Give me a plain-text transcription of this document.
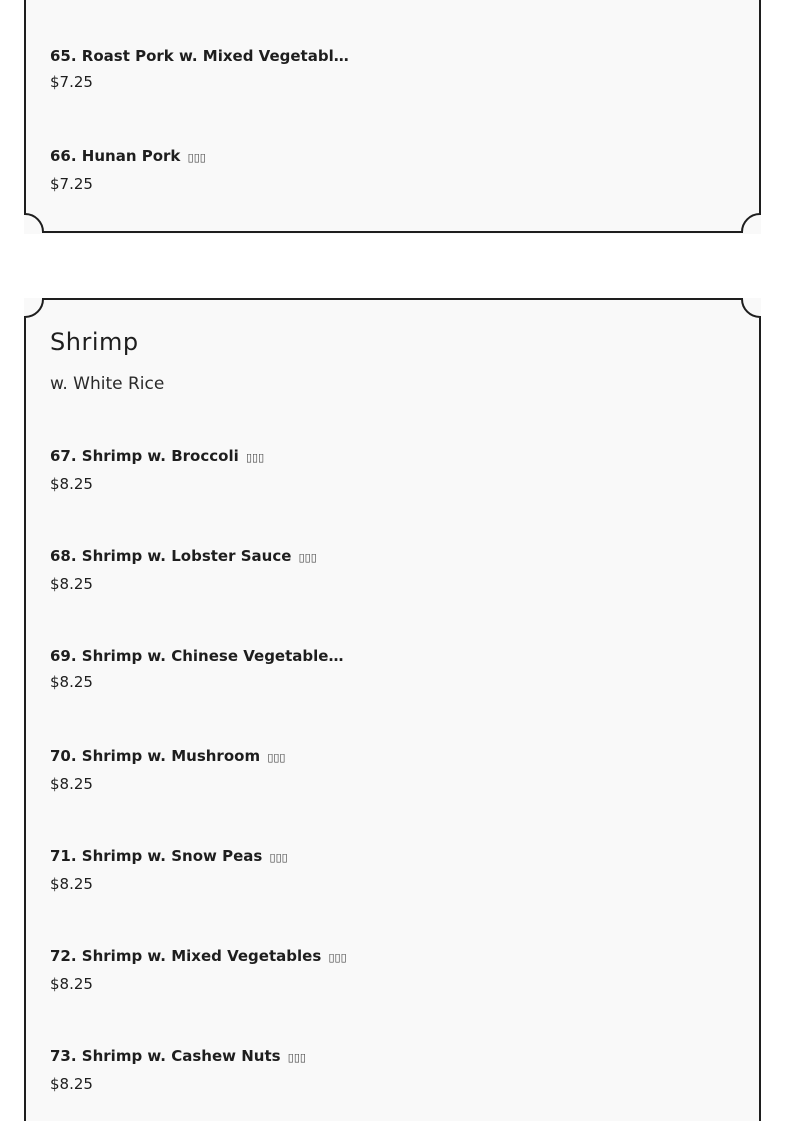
65. Roast Pork w. Mixed Vegetabl…
$7.25
66. Hunan Pork ▯▯▯
$7.25
Shrimp
w. White Rice
67. Shrimp w. Broccoli ▯▯▯
$8.25
68. Shrimp w. Lobster Sauce ▯▯▯
$8.25
69. Shrimp w. Chinese Vegetable…
$8.25
70. Shrimp w. Mushroom ▯▯▯
$8.25
71. Shrimp w. Snow Peas ▯▯▯
$8.25
72. Shrimp w. Mixed Vegetables ▯▯▯
$8.25
73. Shrimp w. Cashew Nuts ▯▯▯
$8.25
